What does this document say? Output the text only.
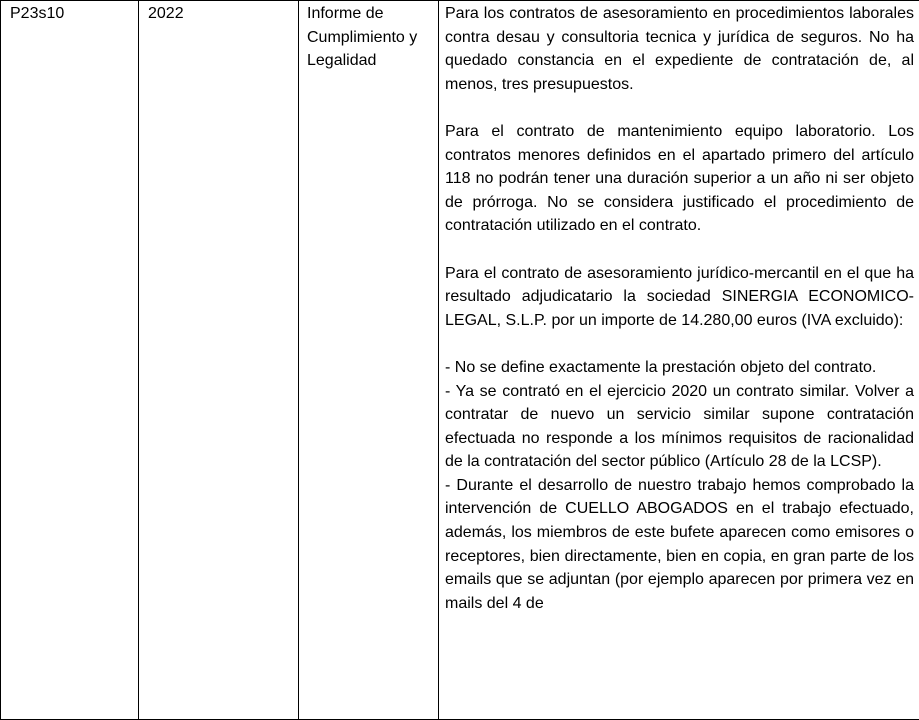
P23s10	2022	Informe de Cumplimiento y Legalidad	

Para los contratos de asesoramiento en procedimientos laborales contra desau y consultoria tecnica y jurídica de seguros. No ha quedado constancia en el expediente de contratación de, al menos, tres presupuestos.

Para el contrato de mantenimiento equipo laboratorio. Los contratos menores definidos en el apartado primero del artículo 118 no podrán tener una duración superior a un año ni ser objeto de prórroga. No se considera justificado el procedimiento de contratación utilizado en el contrato.

Para el contrato de asesoramiento jurídico-mercantil en el que ha resultado adjudicatario la sociedad SINERGIA ECONOMICO-LEGAL, S.L.P. por un importe de 14.280,00 euros (IVA excluido):

- No se define exactamente la prestación objeto del contrato.

- Ya se contrató en el ejercicio 2020 un contrato similar. Volver a contratar de nuevo un servicio similar supone contratación efectuada no responde a los mínimos requisitos de racionalidad de la contratación del sector público (Artículo 28 de la LCSP).

- Durante el desarrollo de nuestro trabajo hemos comprobado la intervención de CUELLO ABOGADOS en el trabajo efectuado, además, los miembros de este bufete aparecen como emisores o receptores, bien directamente, bien en copia, en gran parte de los emails que se adjuntan (por ejemplo aparecen por primera vez en mails del 4 de
